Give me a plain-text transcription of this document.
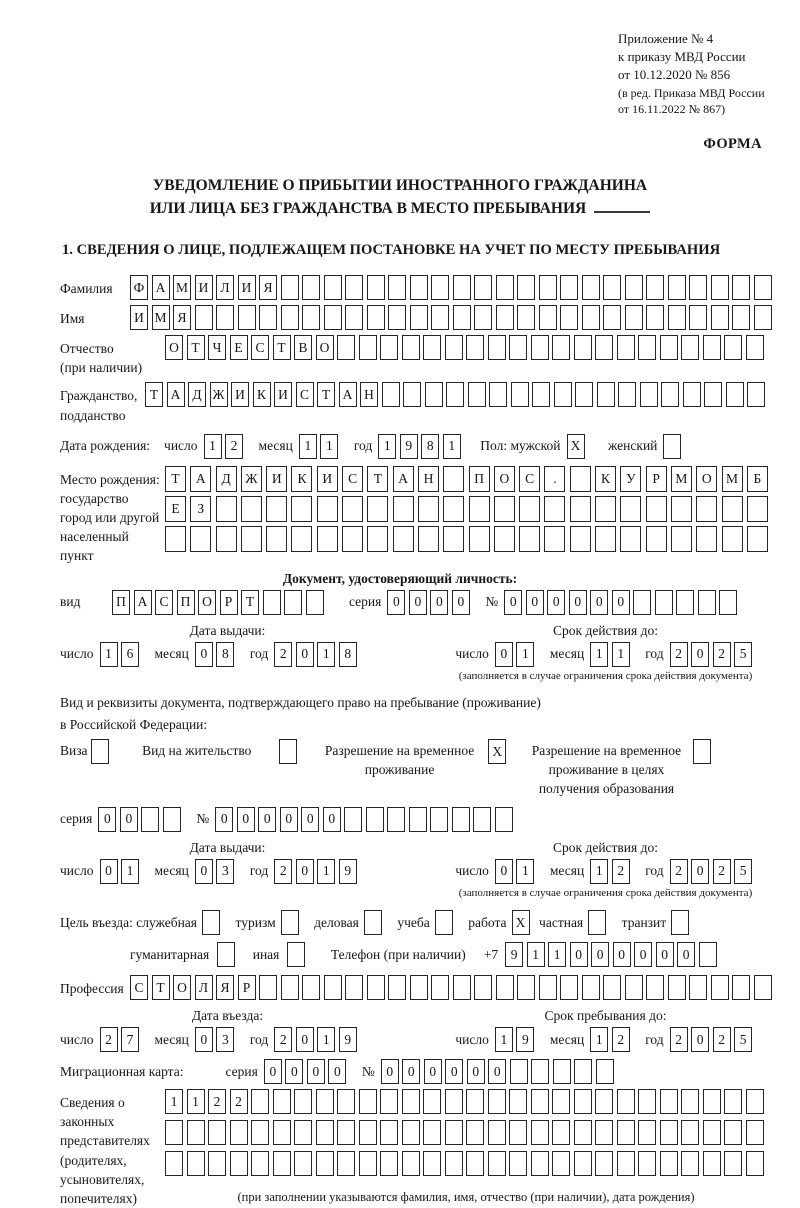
Приложение № 4
к приказу МВД России
от 10.12.2020 № 856
(в ред. Приказа МВД России
от 16.11.2022 № 867)
ФОРМА
УВЕДОМЛЕНИЕ О ПРИБЫТИИ ИНОСТРАННОГО ГРАЖДАНИНА
ИЛИ ЛИЦА БЕЗ ГРАЖДАНСТВА В МЕСТО ПРЕБЫВАНИЯ
1. СВЕДЕНИЯ О ЛИЦЕ, ПОДЛЕЖАЩЕМ ПОСТАНОВКЕ НА УЧЕТ ПО МЕСТУ ПРЕБЫВАНИЯ
Фамилия	Ф А М И Л И Я
Имя	И М Я
Отчество
(при наличии)
О Т Ч Е С Т В О
Гражданство,
подданство
Т А Д Ж И К И С Т А Н
Дата рождения: число 1	2	месяц 1	1	год 1	9	8	1	Пол: мужской X	женский
Место рождения:
государство
город или другой
населенный пункт
Т	А	Д	Ж	И	К	И	С	Т	А	Н	П	О	С	.	К	У	Р	М	О	М	Б
Е	З
Документ, удостоверяющий личность:
вид	П А С П О Р	Т	серия 0	0	0	0	№ 0	0	0	0	0	0
Дата выдачи:
число 1	6	месяц 0	8	год 2	0	1	8
Срок действия до:
число 0	1	месяц 1	1	год 2	0	2	5
(заполняется в случае ограничения срока действия документа)
Вид и реквизиты документа, подтверждающего право на пребывание (проживание)
в Российской Федерации:
Виза	Вид на жительство	Разрешение на временное
проживание
X	Разрешение на временное
проживание в целях
получения образования
серия 0	0	№ 0	0	0	0	0	0
Дата выдачи:
число 0	1	месяц 0	3	год 2	0	1	9
Срок действия до:
число 0	1	месяц 1	2	год 2	0	2	5
(заполняется в случае ограничения срока действия документа)
Цель въезда: служебная	туризм	деловая	учеба	работа X	частная	транзит
гуманитарная	иная	Телефон (при наличии) +7 9	1	1	0	0	0	0	0	0
Профессия С Т О Л Я Р
Дата въезда:
число 2	7	месяц 0	3	год 2	0	1	9
Срок пребывания до:
число 1	9	месяц 1	2	год 2	0	2	5
Миграционная карта:	серия 0	0	0	0	№ 0	0	0	0	0	0
Сведения о
законных
представителях
(родителях,
усыновителях,
попечителях)
1	1	2	2
(при заполнении указываются фамилия, имя, отчество (при наличии), дата рождения)
